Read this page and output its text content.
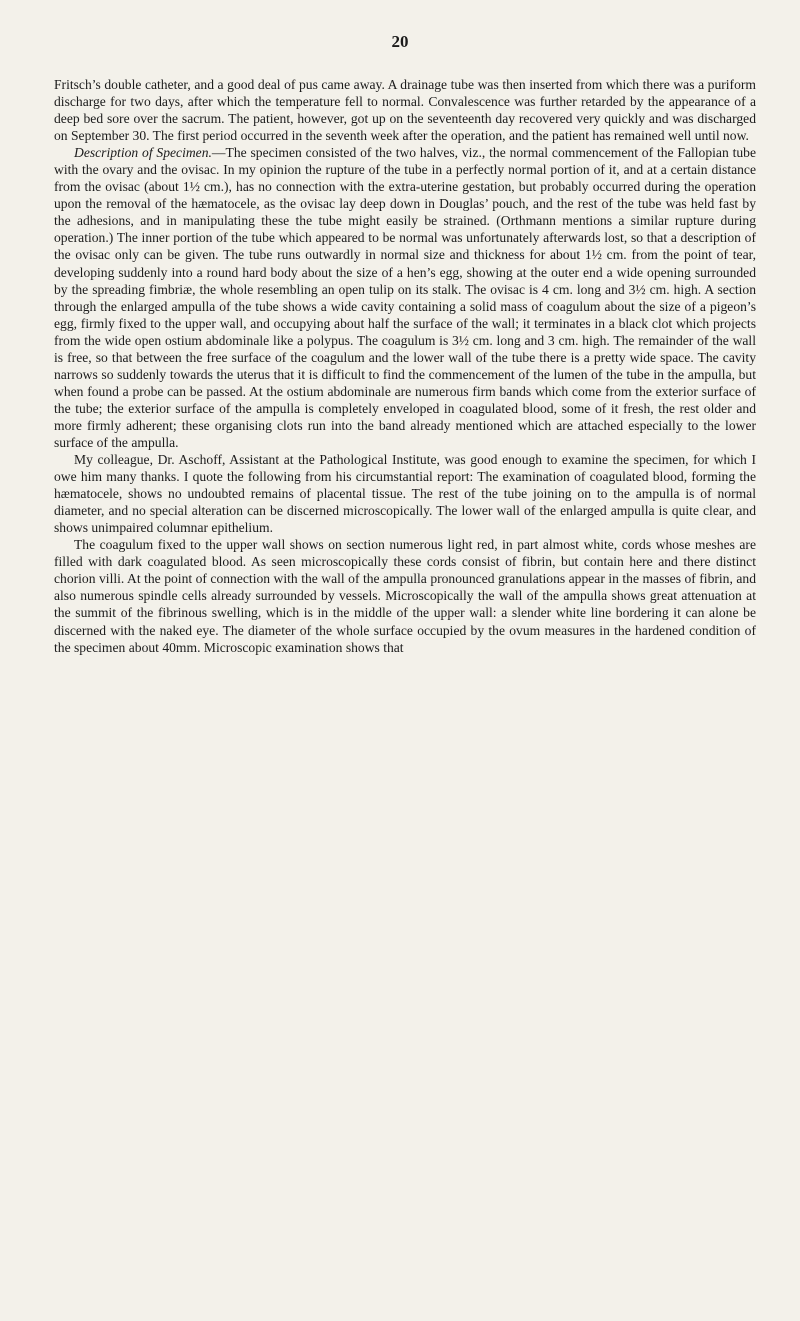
20

Fritsch’s double catheter, and a good deal of pus came away. A drainage tube was then inserted from which there was a puriform discharge for two days, after which the temperature fell to normal. Convalescence was further retarded by the appearance of a deep bed sore over the sacrum. The patient, however, got up on the seventeenth day recovered very quickly and was discharged on September 30. The first period occurred in the seventh week after the operation, and the patient has remained well until now.

Description of Specimen.—The specimen consisted of the two halves, viz., the normal commencement of the Fallopian tube with the ovary and the ovisac. In my opinion the rupture of the tube in a perfectly normal portion of it, and at a certain distance from the ovisac (about 1½ cm.), has no connection with the extra-uterine gestation, but probably occurred during the operation upon the removal of the hæmatocele, as the ovisac lay deep down in Douglas’ pouch, and the rest of the tube was held fast by the adhesions, and in manipulating these the tube might easily be strained. (Orthmann mentions a similar rupture during operation.) The inner portion of the tube which appeared to be normal was unfortunately afterwards lost, so that a description of the ovisac only can be given. The tube runs outwardly in normal size and thickness for about 1½ cm. from the point of tear, developing suddenly into a round hard body about the size of a hen’s egg, showing at the outer end a wide opening surrounded by the spreading fimbriæ, the whole resembling an open tulip on its stalk. The ovisac is 4 cm. long and 3½ cm. high. A section through the enlarged ampulla of the tube shows a wide cavity containing a solid mass of coagulum about the size of a pigeon’s egg, firmly fixed to the upper wall, and occupying about half the surface of the wall; it terminates in a black clot which projects from the wide open ostium abdominale like a polypus. The coagulum is 3½ cm. long and 3 cm. high. The remainder of the wall is free, so that between the free surface of the coagulum and the lower wall of the tube there is a pretty wide space. The cavity narrows so suddenly towards the uterus that it is difficult to find the commencement of the lumen of the tube in the ampulla, but when found a probe can be passed. At the ostium abdominale are numerous firm bands which come from the exterior surface of the tube; the exterior surface of the ampulla is completely enveloped in coagulated blood, some of it fresh, the rest older and more firmly adherent; these organising clots run into the band already mentioned which are attached especially to the lower surface of the ampulla.

My colleague, Dr. Aschoff, Assistant at the Pathological Institute, was good enough to examine the specimen, for which I owe him many thanks. I quote the following from his circumstantial report: The examination of coagulated blood, forming the hæmatocele, shows no undoubted remains of placental tissue. The rest of the tube joining on to the ampulla is of normal diameter, and no special alteration can be discerned microscopically. The lower wall of the enlarged ampulla is quite clear, and shows unimpaired columnar epithelium.

The coagulum fixed to the upper wall shows on section numerous light red, in part almost white, cords whose meshes are filled with dark coagulated blood. As seen microscopically these cords consist of fibrin, but contain here and there distinct chorion villi. At the point of connection with the wall of the ampulla pronounced granulations appear in the masses of fibrin, and also numerous spindle cells already surrounded by vessels. Microscopically the wall of the ampulla shows great attenuation at the summit of the fibrinous swelling, which is in the middle of the upper wall: a slender white line bordering it can alone be discerned with the naked eye. The diameter of the whole surface occupied by the ovum measures in the hardened condition of the specimen about 40mm. Microscopic examination shows that
